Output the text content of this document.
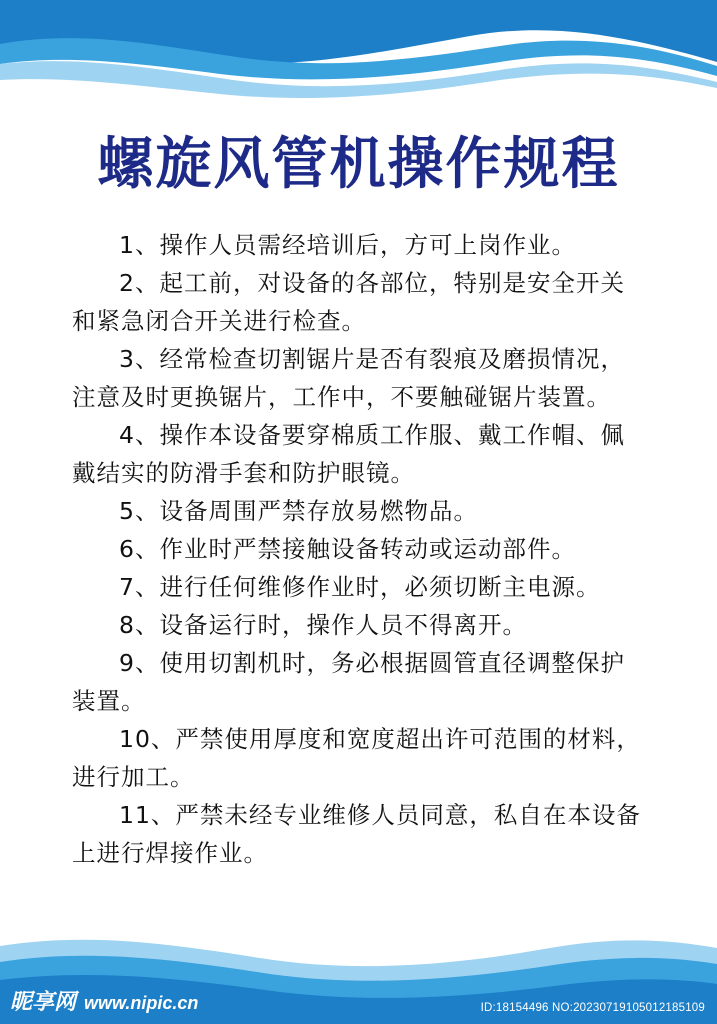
螺旋风管机操作规程

1、操作人员需经培训后，方可上岗作业。

2、起工前，对设备的各部位，特别是安全开关和紧急闭合开关进行检查。

3、经常检查切割锯片是否有裂痕及磨损情况，注意及时更换锯片，工作中，不要触碰锯片装置。

4、操作本设备要穿棉质工作服、戴工作帽、佩戴结实的防滑手套和防护眼镜。

5、设备周围严禁存放易燃物品。

6、作业时严禁接触设备转动或运动部件。

7、进行任何维修作业时，必须切断主电源。

8、设备运行时，操作人员不得离开。

9、使用切割机时，务必根据圆管直径调整保护装置。

10、严禁使用厚度和宽度超出许可范围的材料，进行加工。

11、严禁未经专业维修人员同意，私自在本设备上进行焊接作业。

昵享网 www.nipic.cn	ID:18154496 NO:20230719105012185109
